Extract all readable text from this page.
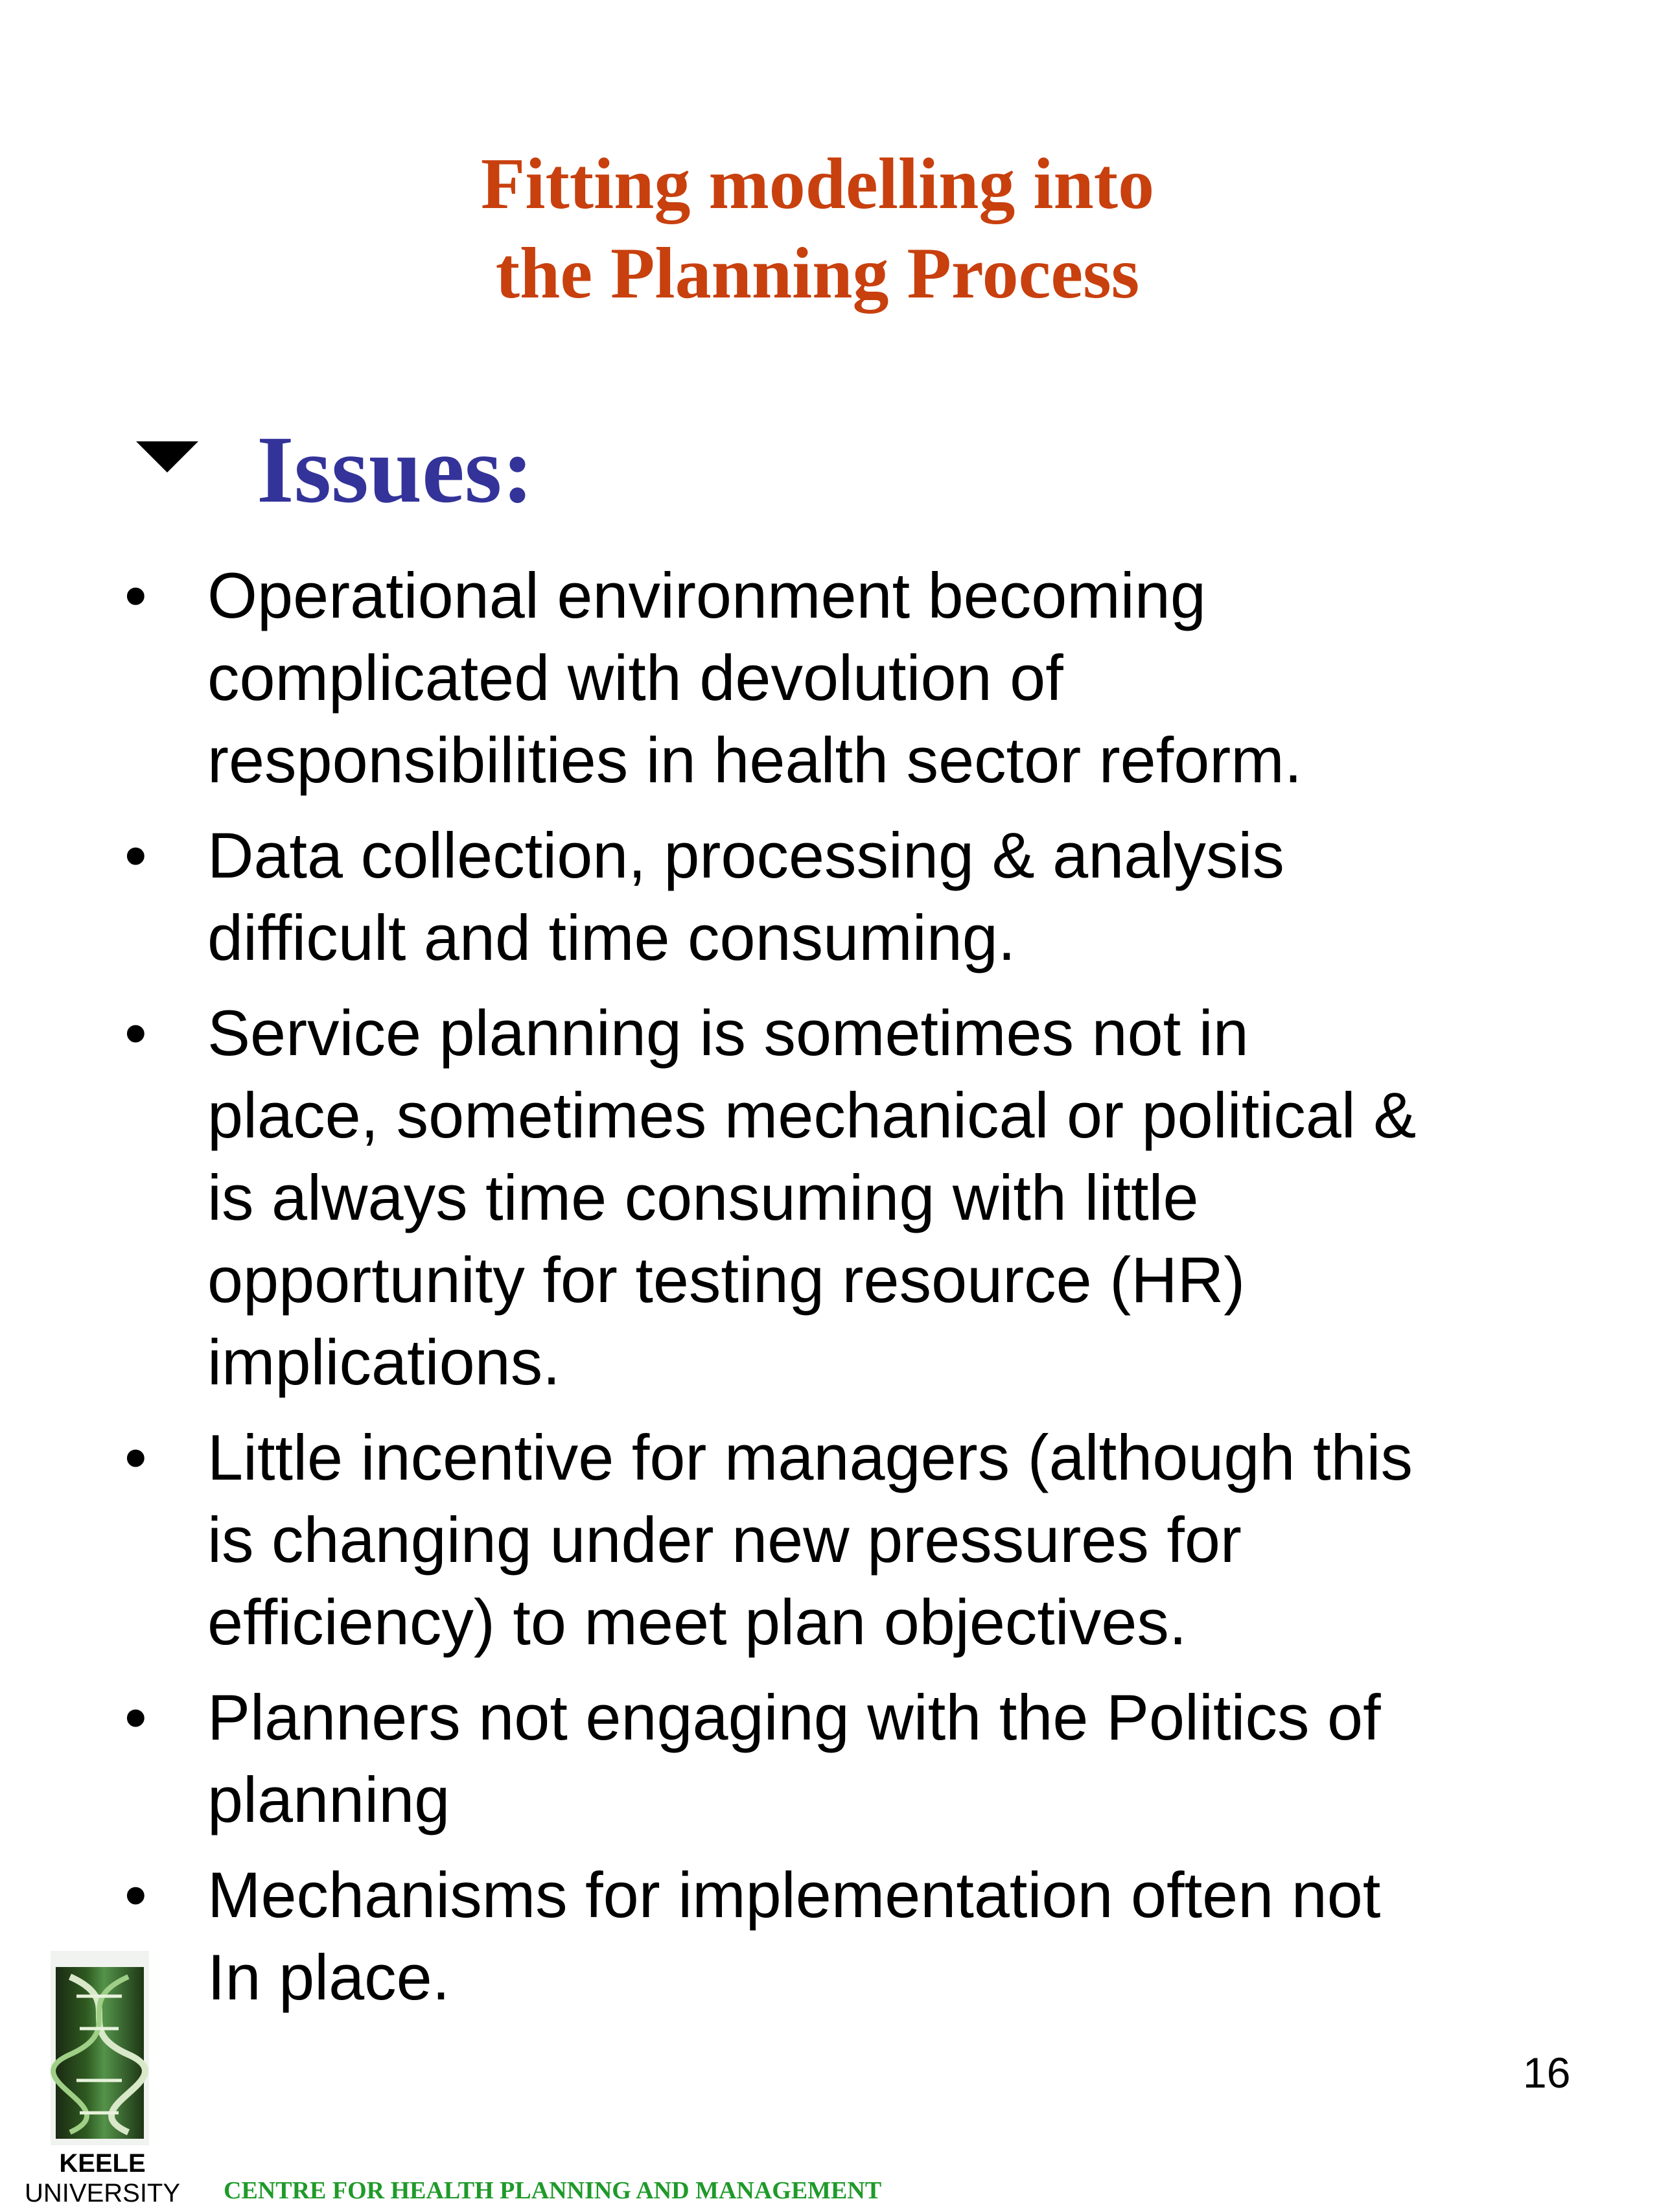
Fitting modelling into
the Planning Process
Issues:
• Operational environment becoming
complicated with devolution of
responsibilities in health sector reform.
• Data collection, processing & analysis
difficult and time consuming.
• Service planning is sometimes not in
place, sometimes mechanical or political &
is always time consuming with little
opportunity for testing resource (HR)
implications.
• Little incentive for managers (although this
is changing under new pressures for
efficiency) to meet plan objectives.
• Planners not engaging with the Politics of
planning
• Mechanisms for implementation often not
In place.
16
KEELE
UNIVERSITY CENTRE FOR HEALTH PLANNING AND MANAGEMENT
